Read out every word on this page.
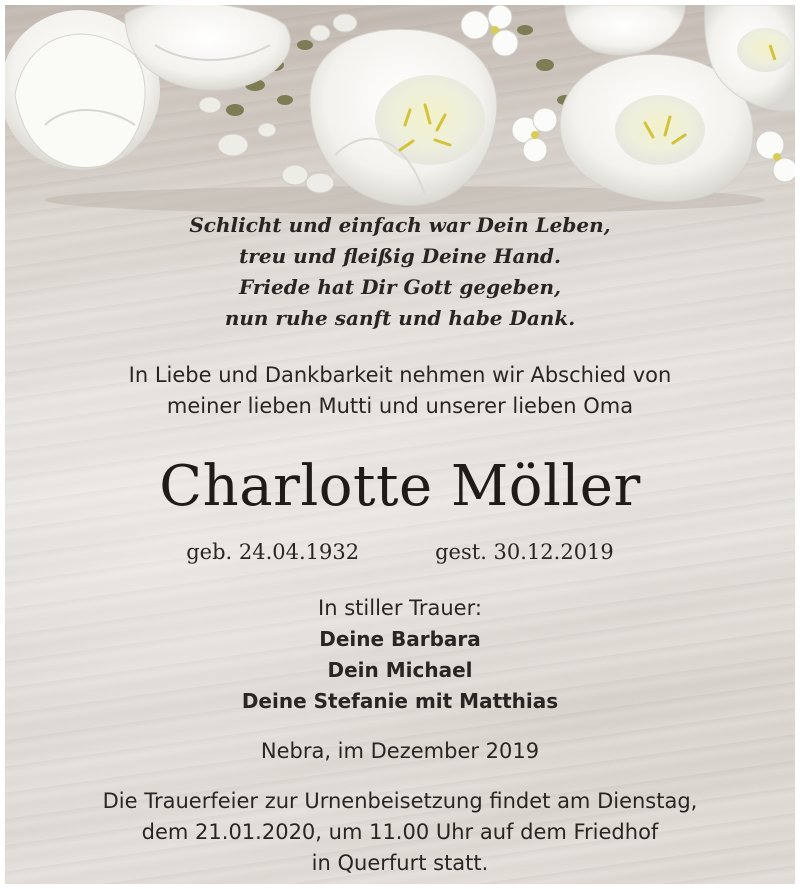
Schlicht und einfach war Dein Leben,
treu und fleißig Deine Hand.
Friede hat Dir Gott gegeben,
nun ruhe sanft und habe Dank.
In Liebe und Dankbarkeit nehmen wir Abschied von
meiner lieben Mutti und unserer lieben Oma
Charlotte Möller
geb. 24.04.1932	gest. 30.12.2019
In stiller Trauer:
Deine Barbara
Dein Michael
Deine Stefanie mit Matthias
Nebra, im Dezember 2019
Die Trauerfeier zur Urnenbeisetzung findet am Dienstag,
dem 21.01.2020, um 11.00 Uhr auf dem Friedhof
in Querfurt statt.
